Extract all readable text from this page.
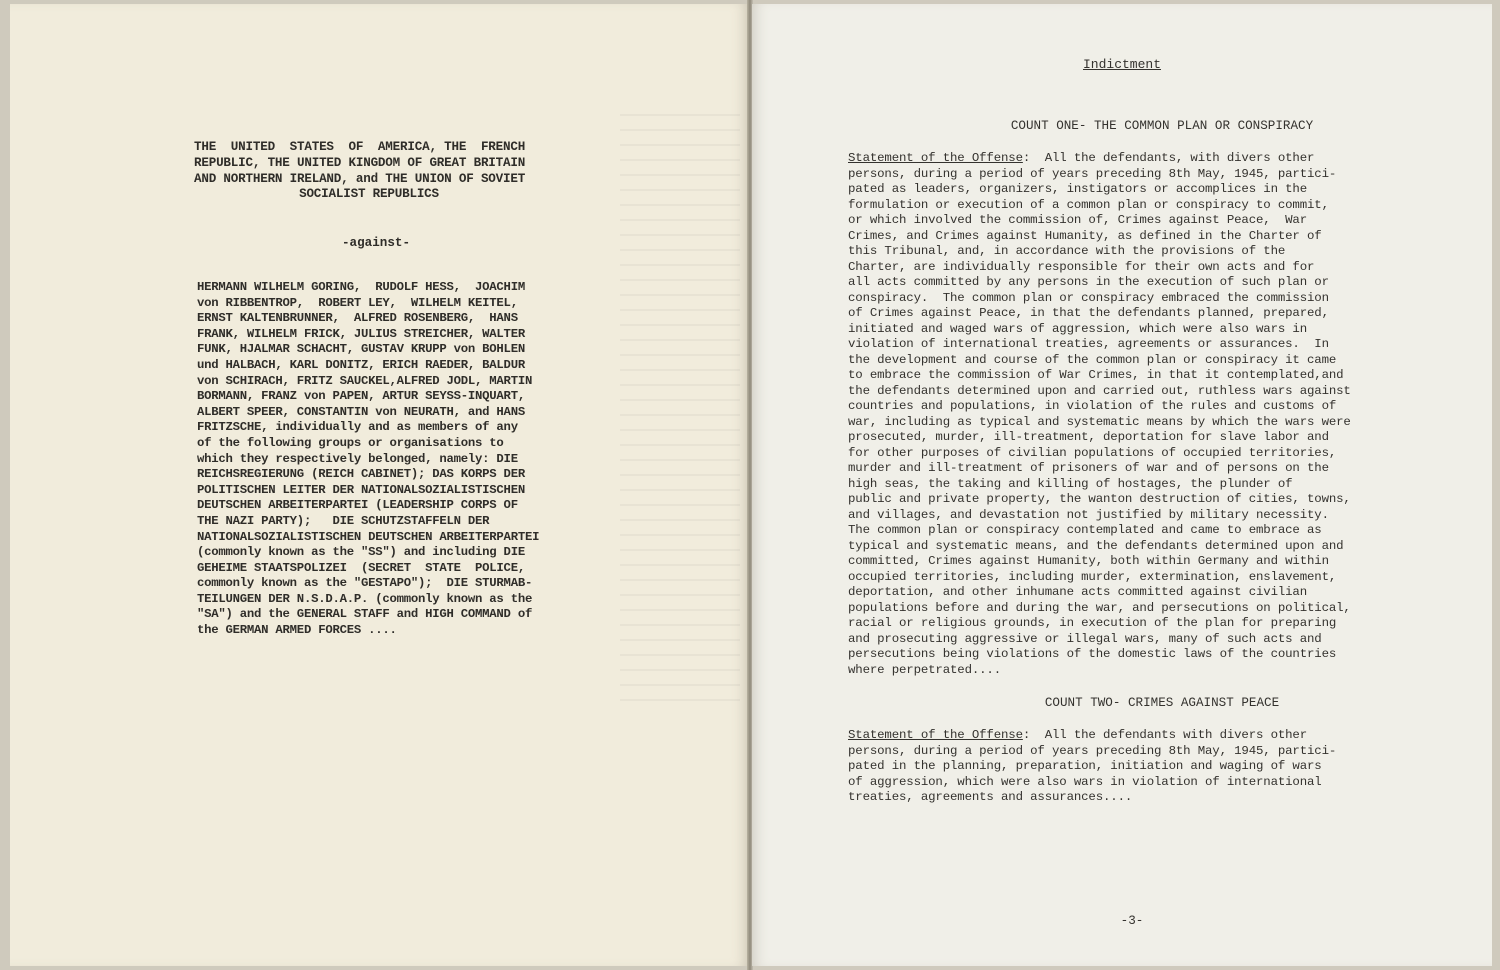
THE  UNITED  STATES  OF  AMERICA, THE  FRENCH
REPUBLIC, THE UNITED KINGDOM OF GREAT BRITAIN
AND NORTHERN IRELAND, and THE UNION OF SOVIET
SOCIALIST REPUBLICS
-against-
HERMANN WILHELM GORING,  RUDOLF HESS,  JOACHIM
von RIBBENTROP,  ROBERT LEY,  WILHELM KEITEL,
ERNST KALTENBRUNNER,  ALFRED ROSENBERG,  HANS
FRANK, WILHELM FRICK, JULIUS STREICHER, WALTER
FUNK, HJALMAR SCHACHT, GUSTAV KRUPP von BOHLEN
und HALBACH, KARL DONITZ, ERICH RAEDER, BALDUR
von SCHIRACH, FRITZ SAUCKEL,ALFRED JODL, MARTIN
BORMANN, FRANZ von PAPEN, ARTUR SEYSS-INQUART,
ALBERT SPEER, CONSTANTIN von NEURATH, and HANS
FRITZSCHE, individually and as members of any
of the following groups or organisations to
which they respectively belonged, namely: DIE
REICHSREGIERUNG (REICH CABINET); DAS KORPS DER
POLITISCHEN LEITER DER NATIONALSOZIALISTISCHEN
DEUTSCHEN ARBEITERPARTEI (LEADERSHIP CORPS OF
THE NAZI PARTY);   DIE SCHUTZSTAFFELN DER
NATIONALSOZIALISTISCHEN DEUTSCHEN ARBEITERPARTEI
(commonly known as the "SS") and including DIE
GEHEIME STAATSPOLIZEI  (SECRET  STATE  POLICE,
commonly known as the "GESTAPO");  DIE STURMAB-
TEILUNGEN DER N.S.D.A.P. (commonly known as the
"SA") and the GENERAL STAFF and HIGH COMMAND of
the GERMAN ARMED FORCES ....
Indictment
COUNT ONE- THE COMMON PLAN OR CONSPIRACY
Statement of the Offense:  All the defendants, with divers other
persons, during a period of years preceding 8th May, 1945, partici-
pated as leaders, organizers, instigators or accomplices in the
formulation or execution of a common plan or conspiracy to commit,
or which involved the commission of, Crimes against Peace,  War
Crimes, and Crimes against Humanity, as defined in the Charter of
this Tribunal, and, in accordance with the provisions of the
Charter, are individually responsible for their own acts and for
all acts committed by any persons in the execution of such plan or
conspiracy.  The common plan or conspiracy embraced the commission
of Crimes against Peace, in that the defendants planned, prepared,
initiated and waged wars of aggression, which were also wars in
violation of international treaties, agreements or assurances.  In
the development and course of the common plan or conspiracy it came
to embrace the commission of War Crimes, in that it contemplated,and
the defendants determined upon and carried out, ruthless wars against
countries and populations, in violation of the rules and customs of
war, including as typical and systematic means by which the wars were
prosecuted, murder, ill-treatment, deportation for slave labor and
for other purposes of civilian populations of occupied territories,
murder and ill-treatment of prisoners of war and of persons on the
high seas, the taking and killing of hostages, the plunder of
public and private property, the wanton destruction of cities, towns,
and villages, and devastation not justified by military necessity.
The common plan or conspiracy contemplated and came to embrace as
typical and systematic means, and the defendants determined upon and
committed, Crimes against Humanity, both within Germany and within
occupied territories, including murder, extermination, enslavement,
deportation, and other inhumane acts committed against civilian
populations before and during the war, and persecutions on political,
racial or religious grounds, in execution of the plan for preparing
and prosecuting aggressive or illegal wars, many of such acts and
persecutions being violations of the domestic laws of the countries
where perpetrated....
COUNT TWO- CRIMES AGAINST PEACE
Statement of the Offense:  All the defendants with divers other
persons, during a period of years preceding 8th May, 1945, partici-
pated in the planning, preparation, initiation and waging of wars
of aggression, which were also wars in violation of international
treaties, agreements and assurances....
-3-
